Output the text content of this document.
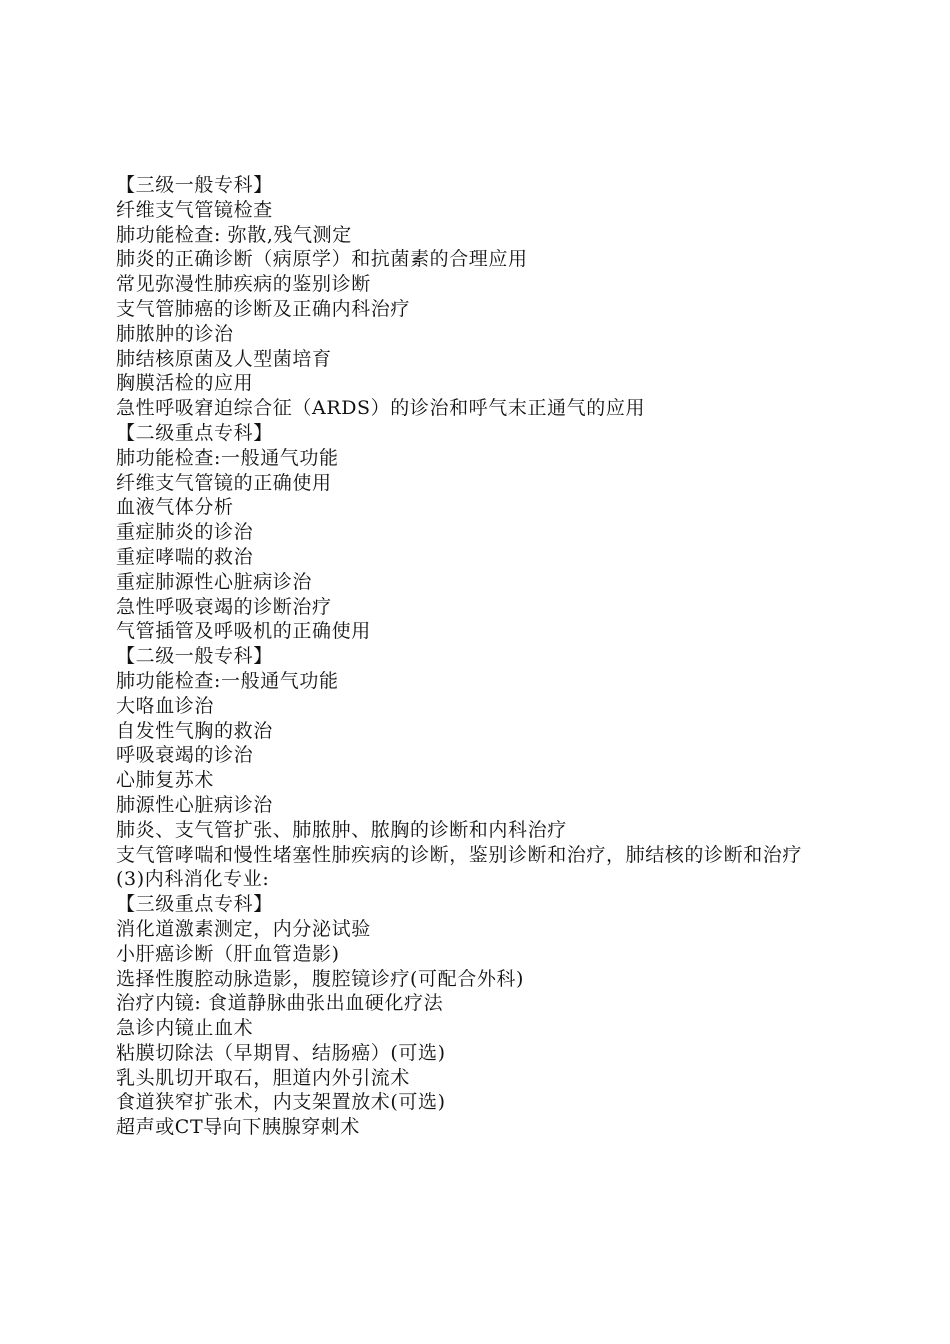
【三级一般专科】
纤维支气管镜检查
肺功能检查: 弥散,残气测定
肺炎的正确诊断（病原学）和抗菌素的合理应用
常见弥漫性肺疾病的鉴别诊断
支气管肺癌的诊断及正确内科治疗
肺脓肿的诊治
肺结核原菌及人型菌培育
胸膜活检的应用
急性呼吸窘迫综合征（ARDS）的诊治和呼气末正通气的应用
【二级重点专科】
肺功能检查:一般通气功能
纤维支气管镜的正确使用
血液气体分析
重症肺炎的诊治
重症哮喘的救治
重症肺源性心脏病诊治
急性呼吸衰竭的诊断治疗
气管插管及呼吸机的正确使用
【二级一般专科】
肺功能检查:一般通气功能
大咯血诊治
自发性气胸的救治
呼吸衰竭的诊治
心肺复苏术
肺源性心脏病诊治
肺炎、支气管扩张、肺脓肿、脓胸的诊断和内科治疗
支气管哮喘和慢性堵塞性肺疾病的诊断，鉴别诊断和治疗，肺结核的诊断和治疗
(3)内科消化专业:
【三级重点专科】
消化道激素测定，内分泌试验
小肝癌诊断（肝血管造影)
选择性腹腔动脉造影，腹腔镜诊疗(可配合外科)
治疗内镜: 食道静脉曲张出血硬化疗法
急诊内镜止血术
粘膜切除法（早期胃、结肠癌）(可选)
乳头肌切开取石，胆道内外引流术
食道狭窄扩张术，内支架置放术(可选)
超声或CT导向下胰腺穿刺术
